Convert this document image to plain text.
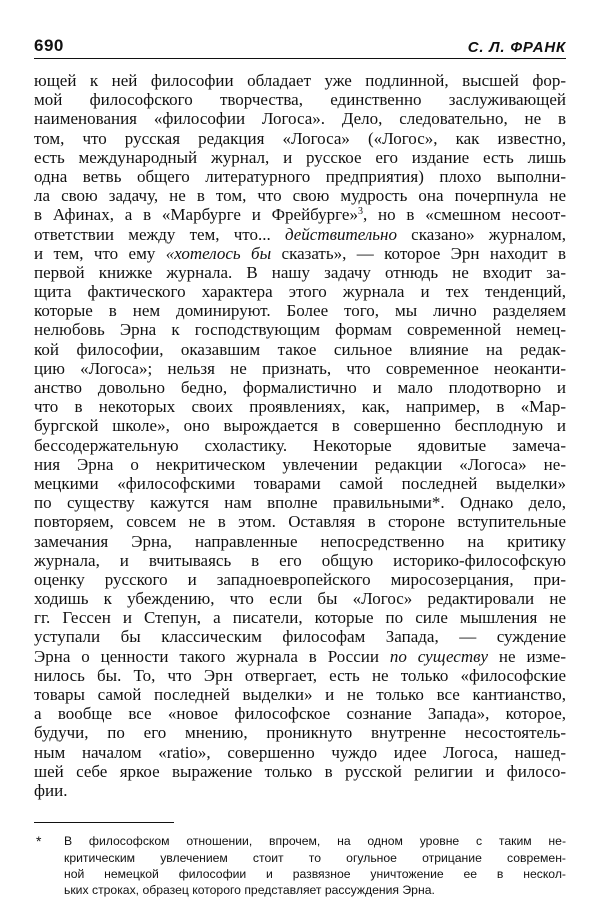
690	С. Л. ФРАНК
ющей к ней философии обладает уже подлинной, высшей фор-
мой философского творчества, единственно заслуживающей
наименования «философии Логоса». Дело, следовательно, не в
том, что русская редакция «Логоса» («Логос», как известно,
есть международный журнал, и русское его издание есть лишь
одна ветвь общего литературного предприятия) плохо выполни-
ла свою задачу, не в том, что свою мудрость она почерпнула не
в Афинах, а в «Марбурге и Фрейбурге»$^3$, но в «смешном несоот-
ответствии между тем, что... действительно сказано» журналом,
и тем, что ему «хотелось бы сказать», — которое Эрн находит в
первой книжке журнала. В нашу задачу отнюдь не входит за-
щита фактического характера этого журнала и тех тенденций,
которые в нем доминируют. Более того, мы лично разделяем
нелюбовь Эрна к господствующим формам современной немец-
кой философии, оказавшим такое сильное влияние на редак-
цию «Логоса»; нельзя не признать, что современное неоканти-
анство довольно бедно, формалистично и мало плодотворно и
что в некоторых своих проявлениях, как, например, в «Мар-
бургской школе», оно вырождается в совершенно бесплодную и
бессодержательную схоластику. Некоторые ядовитые замеча-
ния Эрна о некритическом увлечении редакции «Логоса» не-
мецкими «философскими товарами самой последней выделки»
по существу кажутся нам вполне правильными*. Однако дело,
повторяем, совсем не в этом. Оставляя в стороне вступительные
замечания Эрна, направленные непосредственно на критику
журнала, и вчитываясь в его общую историко-философскую
оценку русского и западноевропейского миросозерцания, при-
ходишь к убеждению, что если бы «Логос» редактировали не
гг. Гессен и Степун, а писатели, которые по силе мышления не
уступали бы классическим философам Запада, — суждение
Эрна о ценности такого журнала в России по существу не изме-
нилось бы. То, что Эрн отвергает, есть не только «философские
товары самой последней выделки» и не только все кантианство,
а вообще все «новое философское сознание Запада», которое,
будучи, по его мнению, проникнуто внутренне несостоятель-
ным началом «ratio», совершенно чуждо идее Логоса, нашед-
шей себе яркое выражение только в русской религии и филосо-
фии.
* В философском отношении, впрочем, на одном уровне с таким не-
критическим увлечением стоит то огульное отрицание современ-
ной немецкой философии и развязное уничтожение ее в нескол-
ьких строках, образец которого представляет рассуждения Эрна.
